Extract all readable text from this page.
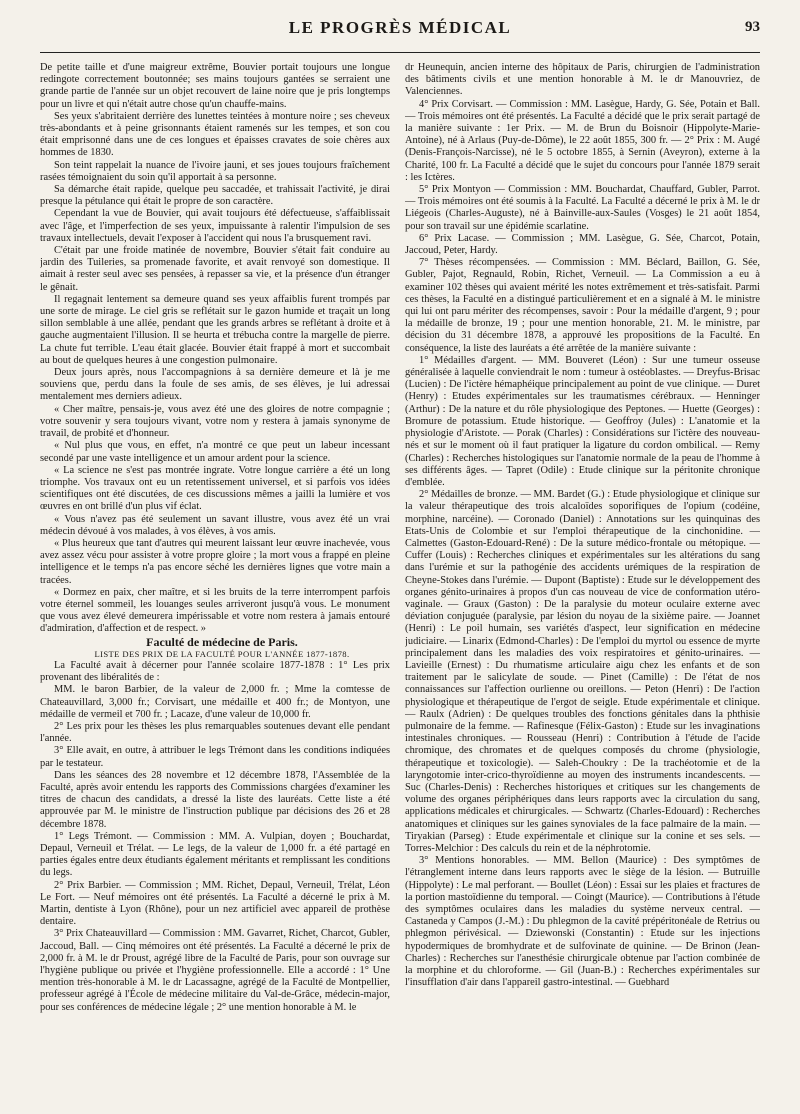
LE PROGRÈS MÉDICAL	93

De petite taille et d'une maigreur extrême, Bouvier portait toujours une longue redingote correctement boutonnée; ses mains toujours gantées se serraient une grande partie de l'année sur un objet recouvert de laine noire que je pris longtemps pour un livre et qui n'était autre chose qu'un chauffe-mains.

Ses yeux s'abritaient derrière des lunettes teintées à monture noire ; ses cheveux très-abondants et à peine grisonnants étaient ramenés sur les tempes, et son cou était emprisonné dans une de ces longues et épaisses cravates de soie chères aux hommes de 1830.

Son teint rappelait la nuance de l'ivoire jauni, et ses joues toujours fraîchement rasées témoignaient du soin qu'il apportait à sa personne.

Sa démarche était rapide, quelque peu saccadée, et trahissait l'activité, je dirai presque la pétulance qui était le propre de son caractère.

Cependant la vue de Bouvier, qui avait toujours été défectueuse, s'affaiblissait avec l'âge, et l'imperfection de ses yeux, impuissante à ralentir l'impulsion de ses travaux intellectuels, devait l'exposer à l'accident qui nous l'a brusquement ravi.

C'était par une froide matinée de novembre, Bouvier s'était fait conduire au jardin des Tuileries, sa promenade favorite, et avait renvoyé son domestique. Il aimait à rester seul avec ses pensées, à repasser sa vie, et la présence d'un étranger le gênait.

Il regagnait lentement sa demeure quand ses yeux affaiblis furent trompés par une sorte de mirage. Le ciel gris se reflétait sur le gazon humide et traçait un long sillon semblable à une allée, pendant que les grands arbres se reflétant à droite et à gauche augmentaient l'illusion. Il se heurta et trébucha contre la margelle de pierre. La chute fut terrible. L'eau était glacée. Bouvier était frappé à mort et succombait au bout de quelques heures à une congestion pulmonaire.

Deux jours après, nous l'accompagnions à sa dernière demeure et là je me souviens que, perdu dans la foule de ses amis, de ses élèves, je lui adressai mentalement mes derniers adieux.

« Cher maître, pensais-je, vous avez été une des gloires de notre compagnie ; votre souvenir y sera toujours vivant, votre nom y restera à jamais synonyme de travail, de probité et d'honneur.

« Nul plus que vous, en effet, n'a montré ce que peut un labeur incessant secondé par une vaste intelligence et un amour ardent pour la science.

« La science ne s'est pas montrée ingrate. Votre longue carrière a été un long triomphe. Vos travaux ont eu un retentissement universel, et si parfois vos idées scientifiques ont été discutées, de ces discussions mêmes a jailli la lumière et vos œuvres en ont brillé d'un plus vif éclat.

« Vous n'avez pas été seulement un savant illustre, vous avez été un vrai médecin dévoué à vos malades, à vos élèves, à vos amis.

« Plus heureux que tant d'autres qui meurent laissant leur œuvre inachevée, vous avez assez vécu pour assister à votre propre gloire ; la mort vous a frappé en pleine intelligence et le temps n'a pas encore séché les dernières lignes que votre main a tracées.

« Dormez en paix, cher maître, et si les bruits de la terre interrompent parfois votre éternel sommeil, les louanges seules arriveront jusqu'à vous. Le monument que vous avez élevé demeurera impérissable et votre nom restera à jamais entouré d'admiration, d'affection et de respect. »

Faculté de médecine de Paris.

LISTE DES PRIX DE LA FACULTÉ POUR L'ANNÉE 1877-1878.

La Faculté avait à décerner pour l'année scolaire 1877-1878 : 1° Les prix provenant des libéralités de :

MM. le baron Barbier, de la valeur de 2,000 fr. ; Mme la comtesse de Chateauvillard, 3,000 fr.; Corvisart, une médaille et 400 fr.; de Montyon, une médaille de vermeil et 700 fr. ; Lacaze, d'une valeur de 10,000 fr.

2° Les prix pour les thèses les plus remarquables soutenues devant elle pendant l'année.

3° Elle avait, en outre, à attribuer le legs Trémont dans les conditions indiquées par le testateur.

Dans les séances des 28 novembre et 12 décembre 1878, l'Assemblée de la Faculté, après avoir entendu les rapports des Commissions chargées d'examiner les titres de chacun des candidats, a dressé la liste des lauréats. Cette liste a été approuvée par M. le ministre de l'instruction publique par décisions des 26 et 28 décembre 1878.

1° Legs Trémont. — Commission : MM. A. Vulpian, doyen ; Bouchardat, Depaul, Verneuil et Trélat. — Le legs, de la valeur de 1,000 fr. a été partagé en parties égales entre deux étudiants également méritants et remplissant les conditions du legs.

2° Prix Barbier. — Commission ; MM. Richet, Depaul, Verneuil, Trélat, Léon Le Fort. — Neuf mémoires ont été présentés. La Faculté a décerné le prix à M. Martin, dentiste à Lyon (Rhône), pour un nez artificiel avec appareil de prothèse dentaire.

3° Prix Chateauvillard — Commission : MM. Gavarret, Richet, Charcot, Gubler, Jaccoud, Ball. — Cinq mémoires ont été présentés. La Faculté a décerné le prix de 2,000 fr. à M. le dr Proust, agrégé libre de la Faculté de Paris, pour son ouvrage sur l'hygiène publique ou privée et l'hygiène professionnelle. Elle a accordé : 1° Une mention très-honorable à M. le dr Lacassagne, agrégé de la Faculté de Montpellier, professeur agrégé à l'École de médecine militaire du Val-de-Grâce, médecin-major, pour ses conférences de médecine légale ; 2° une mention honorable à M. le

dr Heunequin, ancien interne des hôpitaux de Paris, chirurgien de l'administration des bâtiments civils et une mention honorable à M. le dr Manouvriez, de Valenciennes.

4° Prix Corvisart. — Commission : MM. Lasègue, Hardy, G. Sée, Potain et Ball. — Trois mémoires ont été présentés. La Faculté a décidé que le prix serait partagé de la manière suivante : 1er Prix. — M. de Brun du Boisnoir (Hippolyte-Marie-Antoine), né à Arlaus (Puy-de-Dôme), le 22 août 1855, 300 fr. — 2° Prix : M. Augé (Denis-François-Narcisse), né le 5 octobre 1855, à Sernin (Aveyron), externe à la Charité, 100 fr. La Faculté a décidé que le sujet du concours pour l'année 1879 serait : les Ictères.

5° Prix Montyon — Commission : MM. Bouchardat, Chauffard, Gubler, Parrot. — Trois mémoires ont été soumis à la Faculté. La Faculté a décerné le prix à M. le dr Liégeois (Charles-Auguste), né à Bainville-aux-Saules (Vosges) le 21 août 1854, pour son travail sur une épidémie scarlatine.

6° Prix Lacase. — Commission ; MM. Lasègue, G. Sée, Charcot, Potain, Jaccoud, Peter, Hardy.

7° Thèses récompensées. — Commission : MM. Béclard, Baillon, G. Sée, Gubler, Pajot, Regnauld, Robin, Richet, Verneuil. — La Commission a eu à examiner 102 thèses qui avaient mérité les notes extrêmement et très-satisfait. Parmi ces thèses, la Faculté en a distingué particulièrement et en a signalé à M. le ministre qui lui ont paru mériter des récompenses, savoir : Pour la médaille d'argent, 9 ; pour la médaille de bronze, 19 ; pour une mention honorable, 21. M. le ministre, par décision du 31 décembre 1878, a approuvé les propositions de la Faculté. En conséquence, la liste des lauréats a été arrêtée de la manière suivante :

1° Médailles d'argent. — MM. Bouveret (Léon) : Sur une tumeur osseuse généralisée à laquelle conviendrait le nom : tumeur à ostéoblastes. — Dreyfus-Brisac (Lucien) : De l'ictère hémaphéique principalement au point de vue clinique. — Duret (Henry) : Etudes expérimentales sur les traumatismes cérébraux. — Henninger (Arthur) : De la nature et du rôle physiologique des Peptones. — Huette (Georges) : Bromure de potassium. Etude historique. — Geoffroy (Jules) : L'anatomie et la physiologie d'Aristote. — Porak (Charles) : Considérations sur l'ictère des nouveau-nés et sur le moment où il faut pratiquer la ligature du cordon ombilical. — Remy (Charles) : Recherches histologiques sur l'anatomie normale de la peau de l'homme à ses différents âges. — Tapret (Odile) : Etude clinique sur la péritonite chronique d'emblée.

2° Médailles de bronze. — MM. Bardet (G.) : Etude physiologique et clinique sur la valeur thérapeutique des trois alcaloïdes soporifiques de l'opium (codéine, morphine, narcéine). — Coronado (Daniel) : Annotations sur les quinquinas des Etats-Unis de Colombie et sur l'emploi thérapeutique de la cinchonidine. — Calmettes (Gaston-Edouard-René) : De la suture médico-frontale ou métopique. — Cuffer (Louis) : Recherches cliniques et expérimentales sur les altérations du sang dans l'urémie et sur la pathogénie des accidents urémiques de la respiration de Cheyne-Stokes dans l'urémie. — Dupont (Baptiste) : Etude sur le développement des organes génito-urinaires à propos d'un cas nouveau de vice de conformation utéro-vaginale. — Graux (Gaston) : De la paralysie du moteur oculaire externe avec déviation conjuguée (paralysie, par lésion du noyau de la sixième paire. — Joannet (Henri) : Le poil humain, ses variétés d'aspect, leur signification en médecine judiciaire. — Linarix (Edmond-Charles) : De l'emploi du myrtol ou essence de myrte principalement dans les maladies des voix respiratoires et génito-urinaires. — Lavieille (Ernest) : Du rhumatisme articulaire aigu chez les enfants et de son traitement par le salicylate de soude. — Pinet (Camille) : De l'état de nos connaissances sur l'affection ourlienne ou oreillons. — Peton (Henri) : De l'action physiologique et thérapeutique de l'ergot de seigle. Etude expérimentale et clinique. — Raulx (Adrien) : De quelques troubles des fonctions génitales dans la phthisie pulmonaire de la femme. — Rafinesque (Félix-Gaston) : Etude sur les invaginations intestinales chroniques. — Rousseau (Henri) : Contribution à l'étude de l'acide chromique, des chromates et de quelques composés du chrome (physiologie, thérapeutique et toxicologie). — Saleh-Choukry : De la trachéotomie et de la laryngotomie inter-crico-thyroïdienne au moyen des instruments incandescents. — Suc (Charles-Denis) : Recherches historiques et critiques sur les changements de volume des organes périphériques dans leurs rapports avec la circulation du sang, applications médicales et chirurgicales. — Schwartz (Charles-Edouard) : Recherches anatomiques et cliniques sur les gaines synoviales de la face palmaire de la main. — Tiryakian (Parseg) : Etude expérimentale et clinique sur la conine et ses sels. — Torres-Melchior : Des calculs du rein et de la néphrotomie.

3° Mentions honorables. — MM. Bellon (Maurice) : Des symptômes de l'étranglement interne dans leurs rapports avec le siège de la lésion. — Butruille (Hippolyte) : Le mal perforant. — Boullet (Léon) : Essai sur les plaies et fractures de la portion mastoïdienne du temporal. — Coingt (Maurice). — Contributions à l'étude des symptômes oculaires dans les maladies du système nerveux central. — Castaneda y Campos (J.-M.) : Du phlegmon de la cavité prépéritonéale de Retrius ou phlegmon périvésical. — Dziewonski (Constantin) : Etude sur les injections hypodermiques de bromhydrate et de sulfovinate de quinine. — De Brinon (Jean-Charles) : Recherches sur l'anesthésie chirurgicale obtenue par l'action combinée de la morphine et du chloroforme. — Gil (Juan-B.) : Recherches expérimentales sur l'insufflation d'air dans l'appareil gastro-intestinal. — Guebhard
